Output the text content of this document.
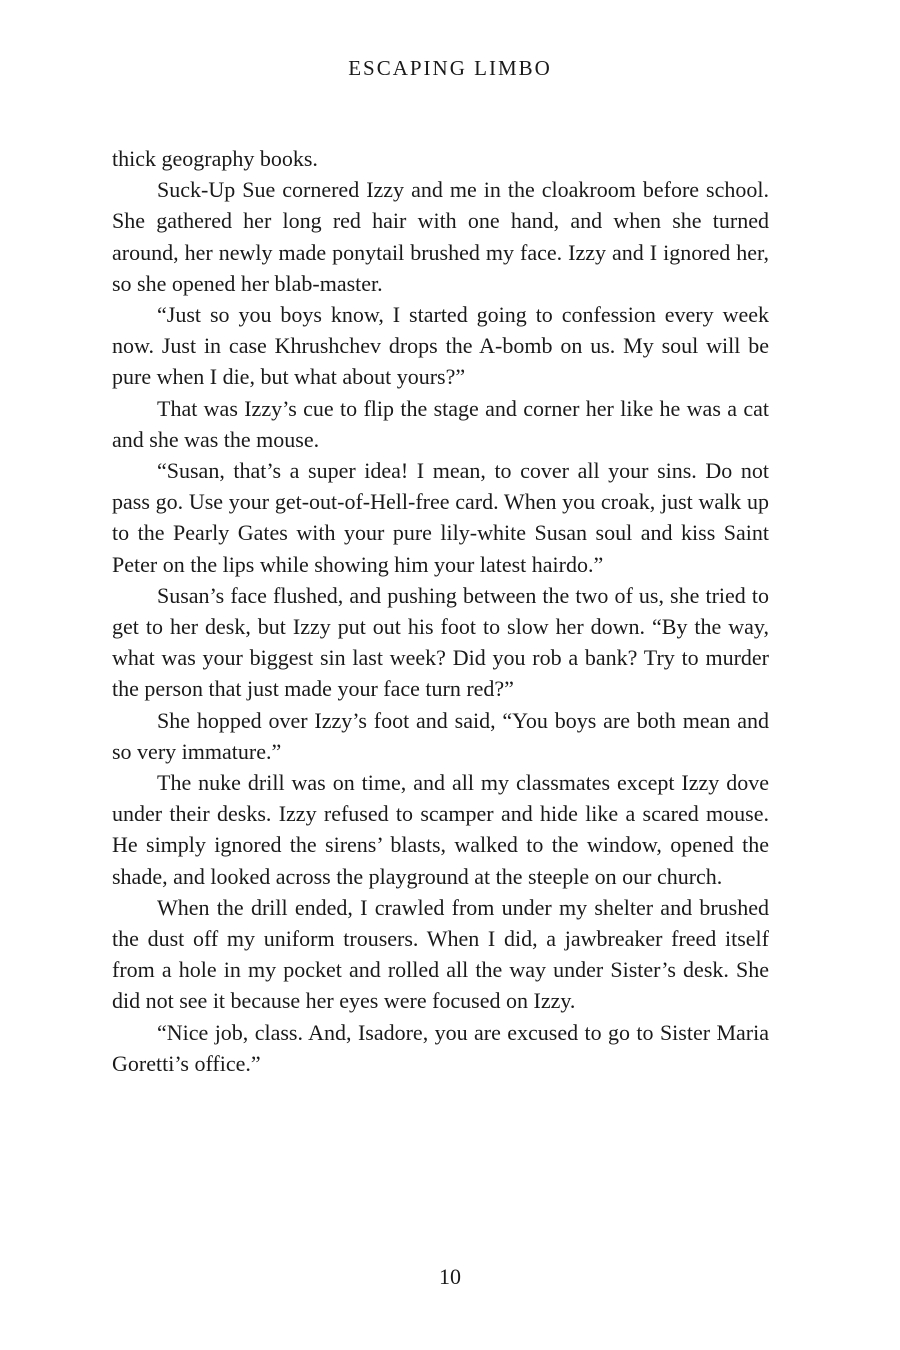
ESCAPING LIMBO

thick geography books.

Suck-Up Sue cornered Izzy and me in the cloakroom before school. She gathered her long red hair with one hand, and when she turned around, her newly made ponytail brushed my face. Izzy and I ignored her, so she opened her blab-master.

“Just so you boys know, I started going to confession every week now. Just in case Khrushchev drops the A-bomb on us. My soul will be pure when I die, but what about yours?”

That was Izzy’s cue to flip the stage and corner her like he was a cat and she was the mouse.

“Susan, that’s a super idea! I mean, to cover all your sins. Do not pass go. Use your get-out-of-Hell-free card. When you croak, just walk up to the Pearly Gates with your pure lily-white Susan soul and kiss Saint Peter on the lips while showing him your latest hairdo.”

Susan’s face flushed, and pushing between the two of us, she tried to get to her desk, but Izzy put out his foot to slow her down. “By the way, what was your biggest sin last week? Did you rob a bank? Try to murder the person that just made your face turn red?”

She hopped over Izzy’s foot and said, “You boys are both mean and so very immature.”

The nuke drill was on time, and all my classmates except Izzy dove under their desks. Izzy refused to scamper and hide like a scared mouse. He simply ignored the sirens’ blasts, walked to the window, opened the shade, and looked across the playground at the steeple on our church.

When the drill ended, I crawled from under my shelter and brushed the dust off my uniform trousers. When I did, a jawbreaker freed itself from a hole in my pocket and rolled all the way under Sister’s desk. She did not see it because her eyes were focused on Izzy.

“Nice job, class. And, Isadore, you are excused to go to Sister Maria Goretti’s office.”

10
